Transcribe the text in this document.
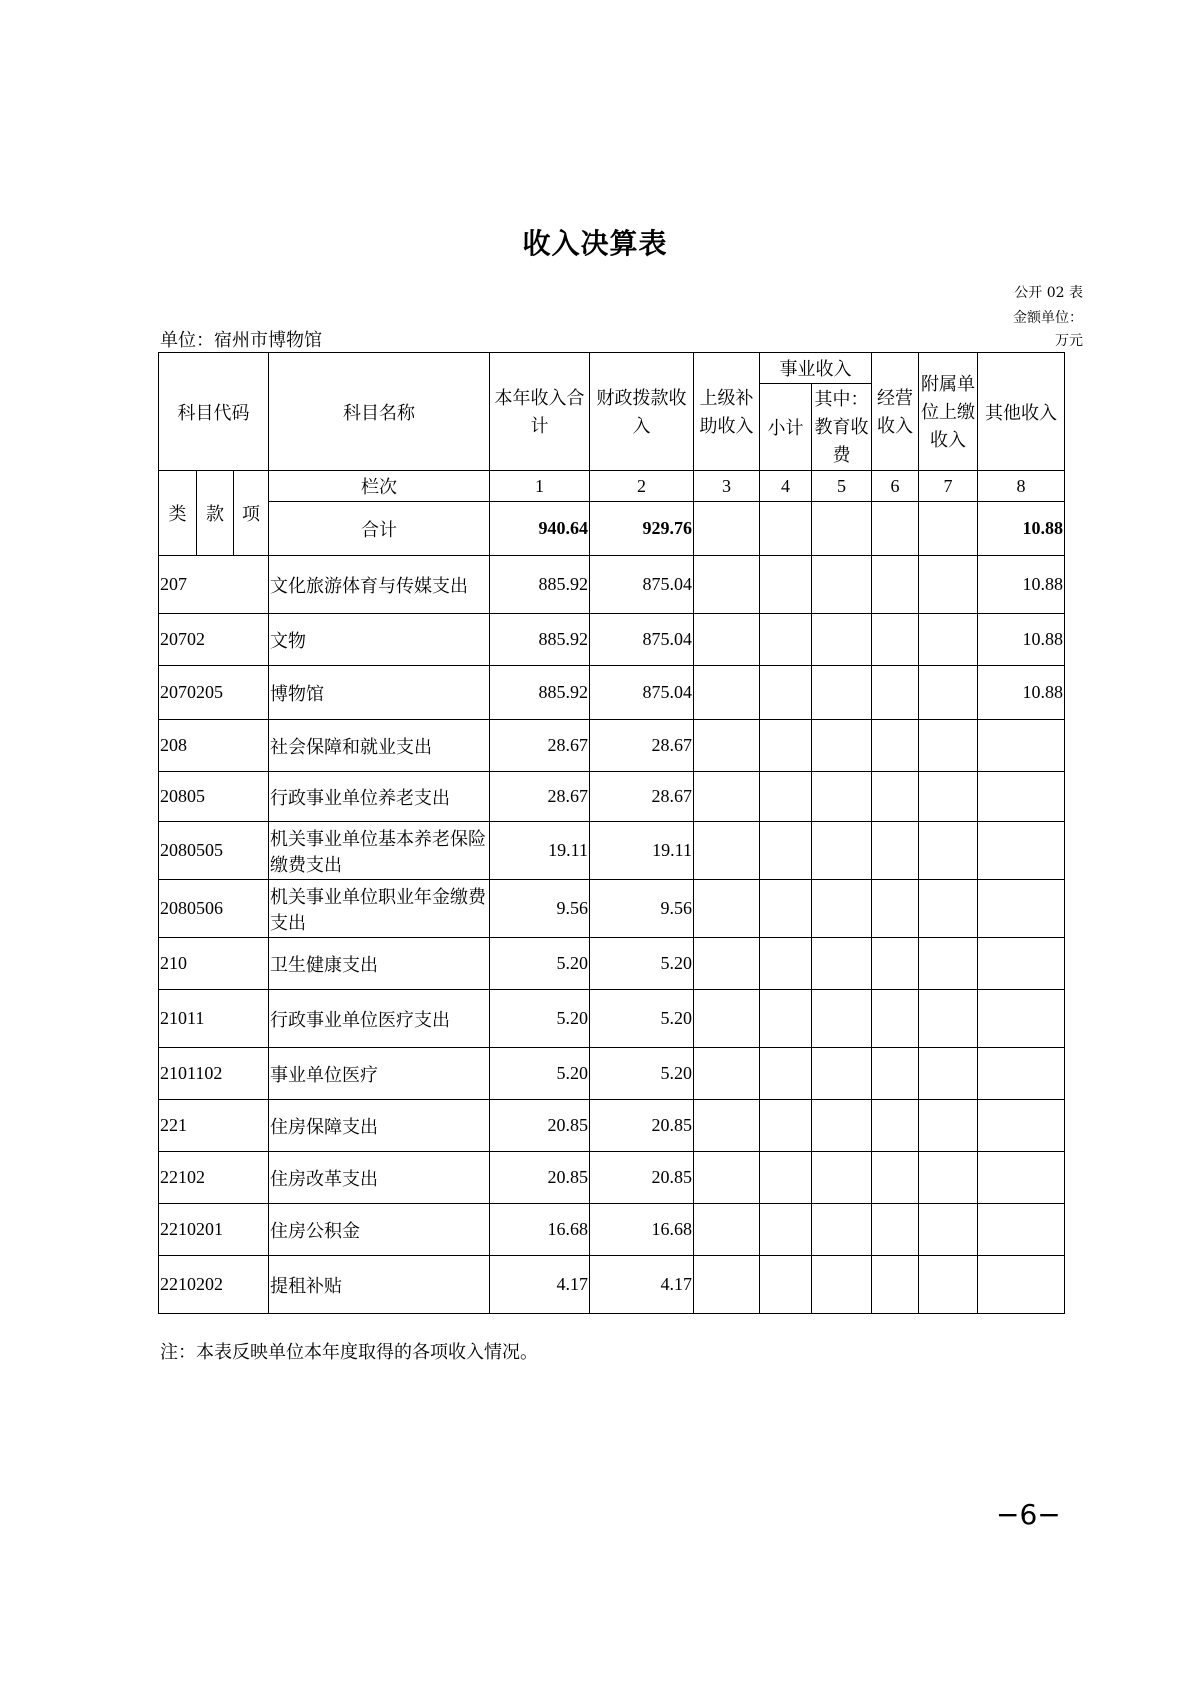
收入决算表
公开 02 表
金额单位：
万元
单位：宿州市博物馆
科目代码			科目名称	本年收入合计	财政拨款收入	上级补助收入	事业收入		经营收入	附属单位上缴收入	其他收入
							小计	其中：教育收费			
类	款	项	栏次	1	2	3	4	5	6	7	8
			合计	940.64	929.76						10.88
207			文化旅游体育与传媒支出	885.92	875.04						10.88
20702			文物	885.92	875.04						10.88
2070205			博物馆	885.92	875.04						10.88
208			社会保障和就业支出	28.67	28.67						
20805			行政事业单位养老支出	28.67	28.67						
2080505			机关事业单位基本养老保险缴费支出	19.11	19.11						
2080506			机关事业单位职业年金缴费支出	9.56	9.56						
210			卫生健康支出	5.20	5.20						
21011			行政事业单位医疗支出	5.20	5.20						
2101102			事业单位医疗	5.20	5.20						
221			住房保障支出	20.85	20.85						
22102			住房改革支出	20.85	20.85						
2210201			住房公积金	16.68	16.68						
2210202			提租补贴	4.17	4.17						
注：本表反映单位本年度取得的各项收入情况。
−6−
